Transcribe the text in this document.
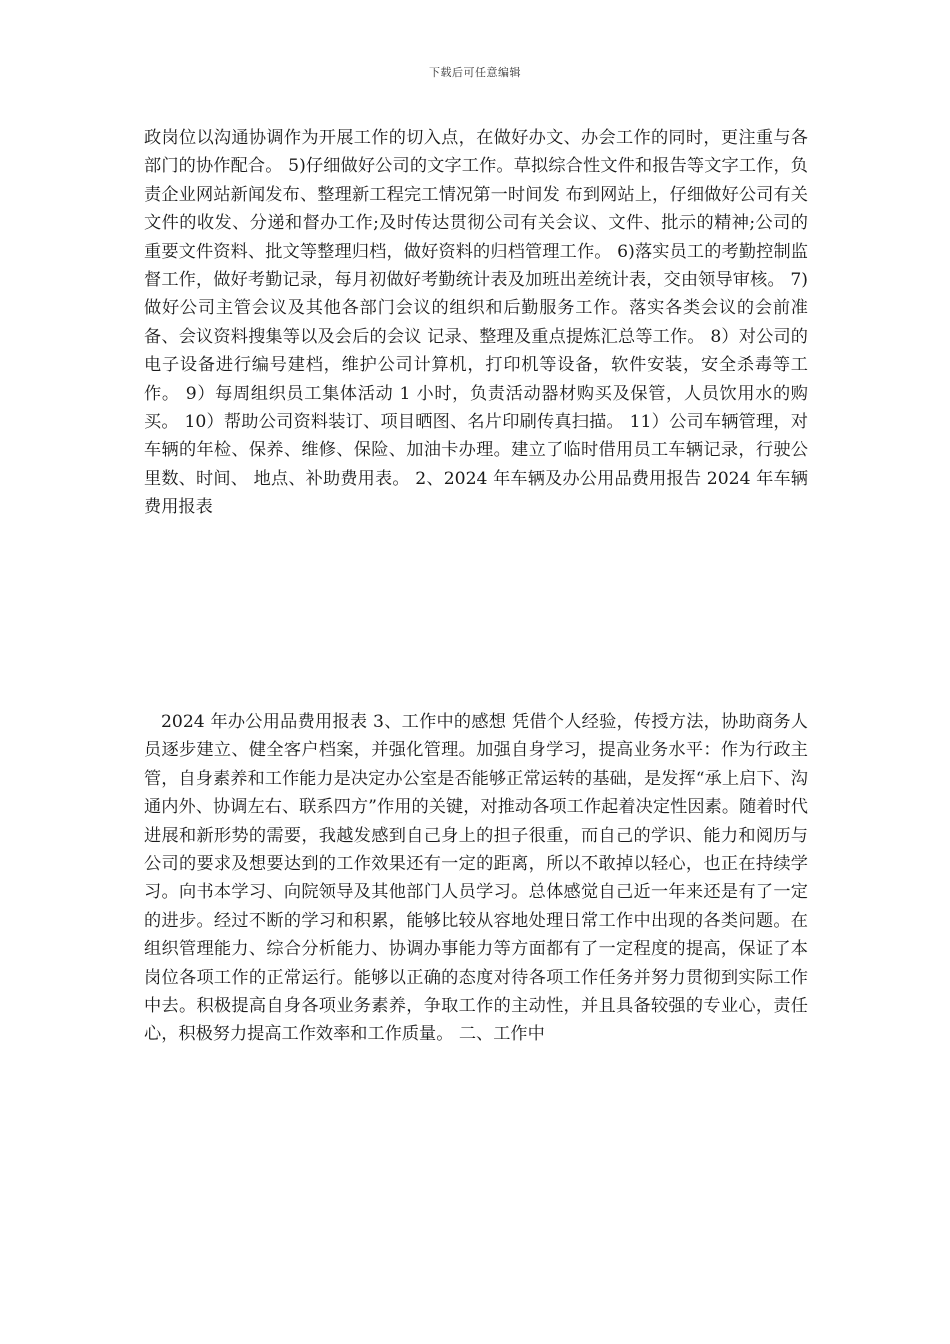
下载后可任意编辑

政岗位以沟通协调作为开展工作的切入点，在做好办文、办会工作的同时，更注重与各部门的协作配合。 5)仔细做好公司的文字工作。草拟综合性文件和报告等文字工作，负责企业网站新闻发布、整理新工程完工情况第一时间发 布到网站上，仔细做好公司有关文件的收发、分递和督办工作;及时传达贯彻公司有关会议、文件、批示的精神;公司的重要文件资料、批文等整理归档，做好资料的归档管理工作。 6)落实员工的考勤控制监督工作，做好考勤记录，每月初做好考勤统计表及加班出差统计表，交由领导审核。 7)做好公司主管会议及其他各部门会议的组织和后勤服务工作。落实各类会议的会前准备、会议资料搜集等以及会后的会议 记录、整理及重点提炼汇总等工作。 8）对公司的电子设备进行编号建档，维护公司计算机，打印机等设备，软件安装，安全杀毒等工作。 9）每周组织员工集体活动 1 小时，负责活动器材购买及保管，人员饮用水的购买。 10）帮助公司资料装订、项目晒图、名片印刷传真扫描。 11）公司车辆管理，对车辆的年检、保养、维修、保险、加油卡办理。建立了临时借用员工车辆记录，行驶公里数、时间、 地点、补助费用表。 2、2024 年车辆及办公用品费用报告 2024 年车辆费用报表

2024 年办公用品费用报表 3、工作中的感想 凭借个人经验，传授方法，协助商务人员逐步建立、健全客户档案，并强化管理。加强自身学习，提高业务水平：作为行政主管，自身素养和工作能力是决定办公室是否能够正常运转的基础，是发挥“承上启下、沟通内外、协调左右、联系四方”作用的关键，对推动各项工作起着决定性因素。随着时代进展和新形势的需要，我越发感到自己身上的担子很重，而自己的学识、能力和阅历与公司的要求及想要达到的工作效果还有一定的距离，所以不敢掉以轻心，也正在持续学习。向书本学习、向院领导及其他部门人员学习。总体感觉自己近一年来还是有了一定的进步。经过不断的学习和积累，能够比较从容地处理日常工作中出现的各类问题。在组织管理能力、综合分析能力、协调办事能力等方面都有了一定程度的提高，保证了本岗位各项工作的正常运行。能够以正确的态度对待各项工作任务并努力贯彻到实际工作中去。积极提高自身各项业务素养，争取工作的主动性，并且具备较强的专业心，责任心，积极努力提高工作效率和工作质量。 二、工作中
